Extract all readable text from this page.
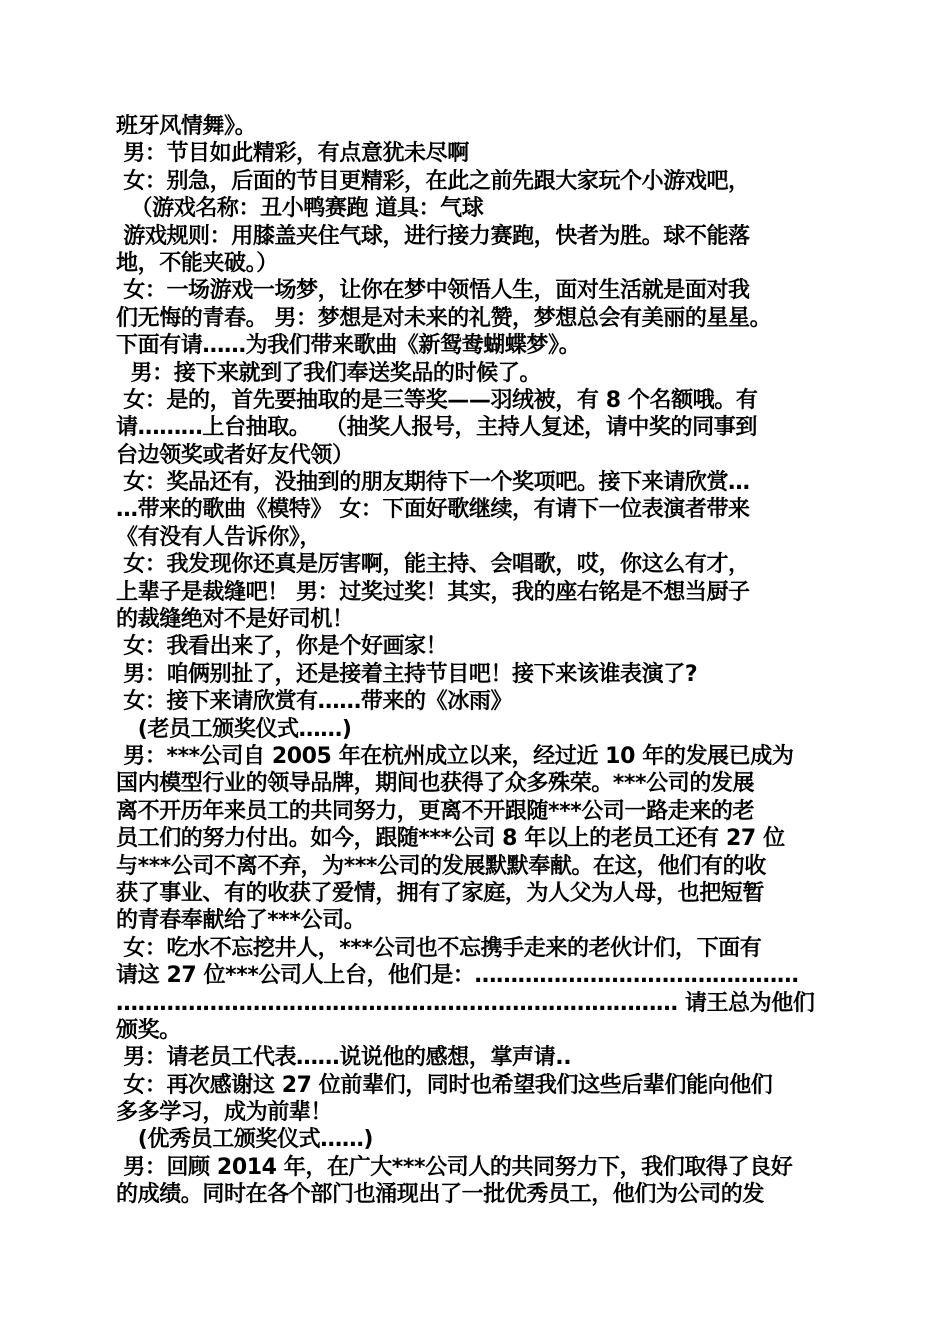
班牙风情舞》。
男：节目如此精彩，有点意犹未尽啊
女：别急，后面的节目更精彩，在此之前先跟大家玩个小游戏吧，
（游戏名称：丑小鸭赛跑 道具：气球
游戏规则：用膝盖夹住气球，进行接力赛跑，快者为胜。球不能落
地，不能夹破。）
女：一场游戏一场梦，让你在梦中领悟人生，面对生活就是面对我
们无悔的青春。 男：梦想是对未来的礼赞，梦想总会有美丽的星星。
下面有请……为我们带来歌曲《新鸳鸯蝴蝶梦》。
男：接下来就到了我们奉送奖品的时候了。
女：是的，首先要抽取的是三等奖——羽绒被，有 8 个名额哦。有
请………上台抽取。  （抽奖人报号，主持人复述，请中奖的同事到
台边领奖或者好友代领）
女：奖品还有，没抽到的朋友期待下一个奖项吧。接下来请欣赏…
…带来的歌曲《模特》 女：下面好歌继续，有请下一位表演者带来
《有没有人告诉你》，
女：我发现你还真是厉害啊，能主持、会唱歌，哎，你这么有才，
上辈子是裁缝吧！ 男：过奖过奖！其实，我的座右铭是不想当厨子
的裁缝绝对不是好司机！
女：我看出来了，你是个好画家！
男：咱俩别扯了，还是接着主持节目吧！接下来该谁表演了?
女：接下来请欣赏有……带来的《冰雨》
(老员工颁奖仪式……)
男：***公司自 2005 年在杭州成立以来，经过近 10 年的发展已成为
国内模型行业的领导品牌，期间也获得了众多殊荣。***公司的发展
离不开历年来员工的共同努力，更离不开跟随***公司一路走来的老
员工们的努力付出。如今，跟随***公司 8 年以上的老员工还有 27 位
与***公司不离不弃，为***公司的发展默默奉献。在这，他们有的收
获了事业、有的收获了爱情，拥有了家庭，为人父为人母，也把短暂
的青春奉献给了***公司。
女：吃水不忘挖井人，***公司也不忘携手走来的老伙计们，下面有
请这 27 位***公司人上台，他们是：………………………………………
…………………………………………………………………… 请王总为他们
颁奖。
男：请老员工代表……说说他的感想，掌声请..
女：再次感谢这 27 位前辈们，同时也希望我们这些后辈们能向他们
多多学习，成为前辈！
(优秀员工颁奖仪式……)
男：回顾 2014 年，在广大***公司人的共同努力下，我们取得了良好
的成绩。同时在各个部门也涌现出了一批优秀员工，他们为公司的发
